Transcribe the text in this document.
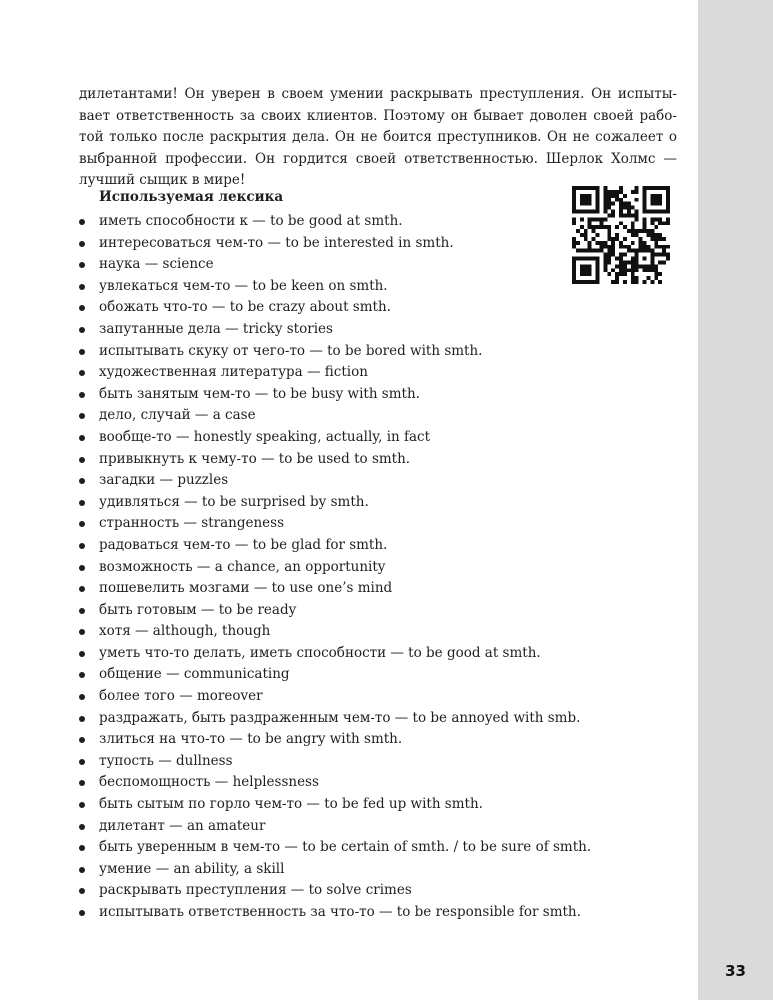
33
дилетантами! Он уверен в своем умении раскрывать преступления. Он испыты-
вает ответственность за своих клиентов. Поэтому он бывает доволен своей рабо-
той только после раскрытия дела. Он не боится преступников. Он не сожалеет о
выбранной профессии. Он гордится своей ответственностью. Шерлок Холмс —
лучший сыщик в мире!
Используемая лексика
иметь способности к — to be good at smth.
интересоваться чем-то — to be interested in smth.
наука — science
увлекаться чем-то — to be keen on smth.
обожать что-то — to be crazy about smth.
запутанные дела — tricky stories
испытывать скуку от чего-то — to be bored with smth.
художественная литература — fiction
быть занятым чем-то — to be busy with smth.
дело, случай — a case
вообще-то — honestly speaking, actually, in fact
привыкнуть к чему-то — to be used to smth.
загадки — puzzles
удивляться — to be surprised by smth.
странность — strangeness
радоваться чем-то — to be glad for smth.
возможность — a chance, an opportunity
пошевелить мозгами — to use one’s mind
быть готовым — to be ready
хотя — although, though
уметь что-то делать, иметь способности — to be good at smth.
общение — communicating
более того — moreover
раздражать, быть раздраженным чем-то — to be annoyed with smb.
злиться на что-то — to be angry with smth.
тупость — dullness
беспомощность — helplessness
быть сытым по горло чем-то — to be fed up with smth.
дилетант — an amateur
быть уверенным в чем-то — to be certain of smth. / to be sure of smth.
умение — an ability, a skill
раскрывать преступления — to solve crimes
испытывать ответственность за что-то — to be responsible for smth.
